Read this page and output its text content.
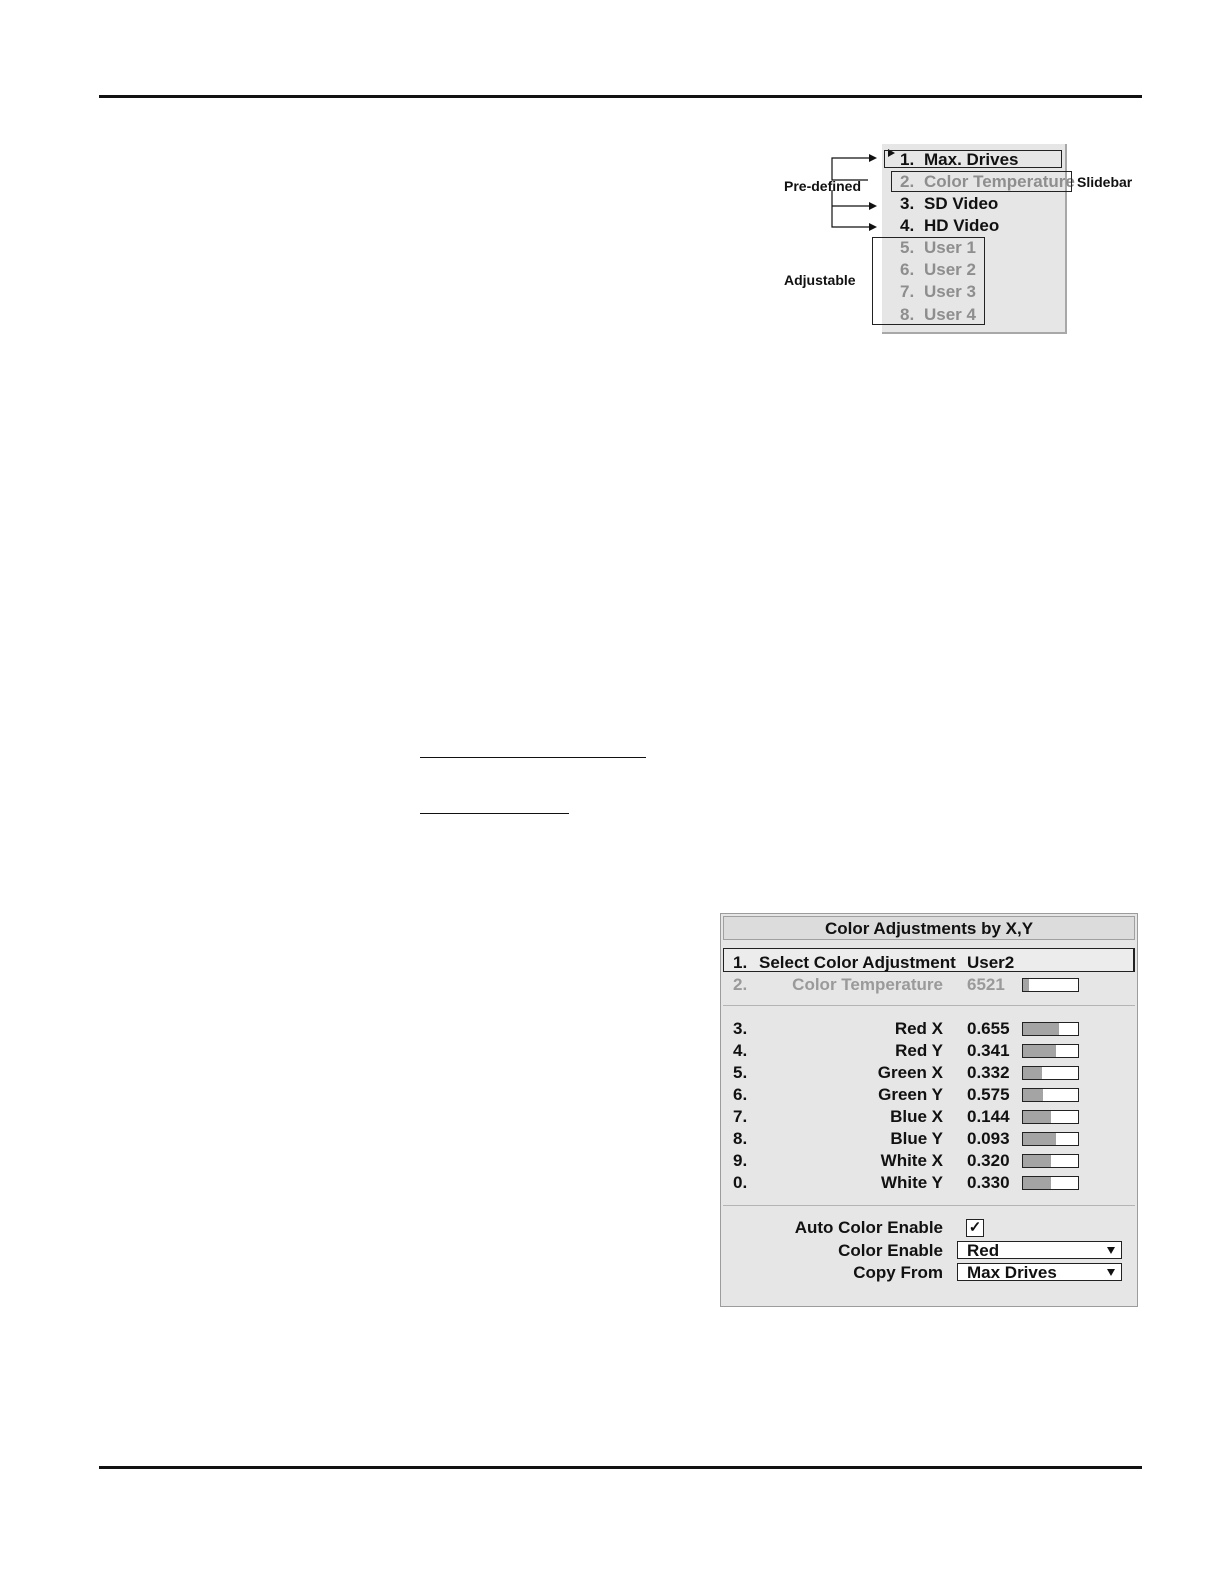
Pre-defined
Adjustable
Slidebar
1. Max. Drives
2. Color Temperature
3. SD Video
4. HD Video
5. User 1
6. User 2
7. User 3
8. User 4
Color Adjustments by X,Y
1. Select Color Adjustment User2
2.	Color Temperature 6521
3.	Red X 0.655
4.	Red Y 0.341
5.	Green X 0.332
6.	Green Y 0.575
7.	Blue X 0.144
8.	Blue Y 0.093
9.	White X 0.320
0.	White Y 0.330
Auto Color Enable ✓
Color Enable	Red
Copy From	Max Drives
